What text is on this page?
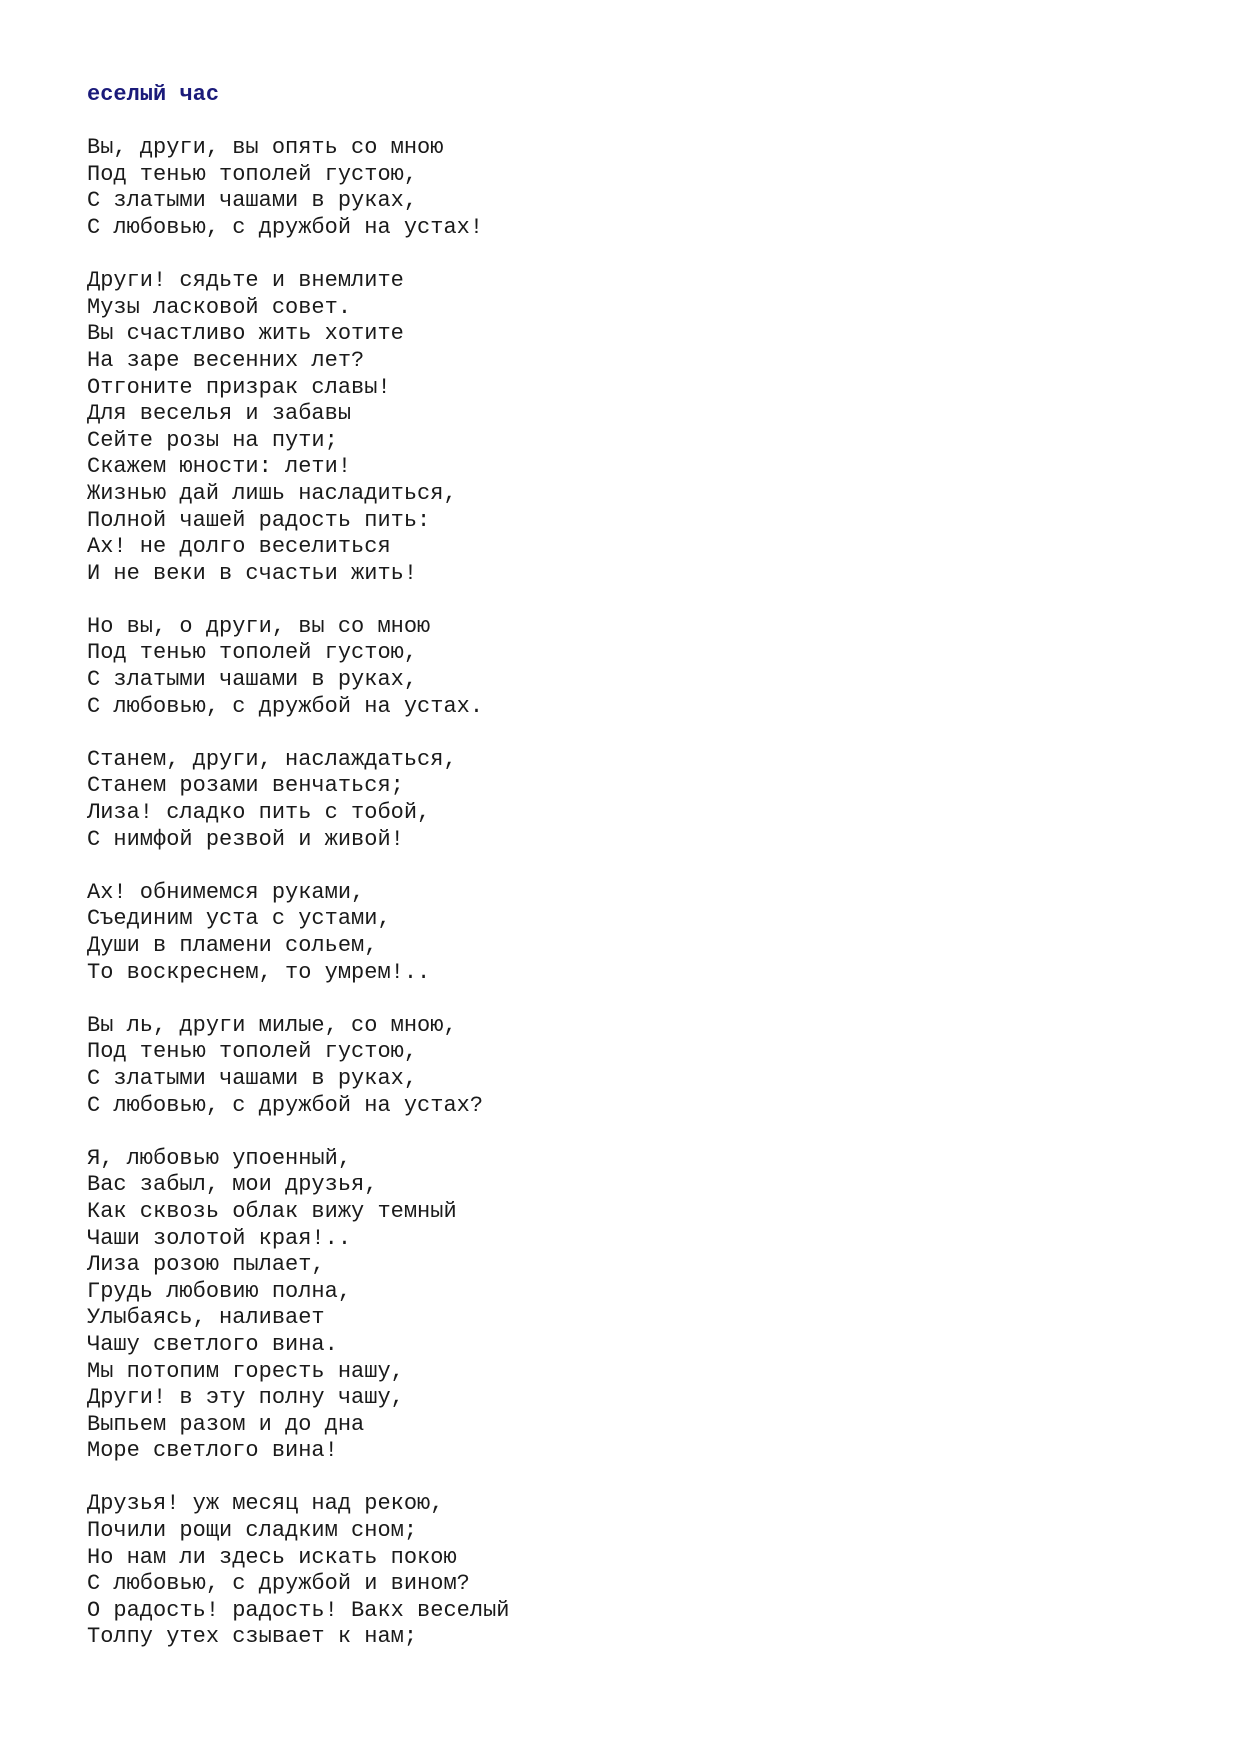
еселый час
Вы, други, вы опять со мною
Под тенью тополей густою,
С златыми чашами в руках,
С любовью, с дружбой на устах!
Други! сядьте и внемлите
Музы ласковой совет.
Вы счастливо жить хотите
На заре весенних лет?
Отгоните призрак славы!
Для веселья и забавы
Сейте розы на пути;
Скажем юности: лети!
Жизнью дай лишь насладиться,
Полной чашей радость пить:
Ах! не долго веселиться
И не веки в счастьи жить!
Но вы, о други, вы со мною
Под тенью тополей густою,
С златыми чашами в руках,
С любовью, с дружбой на устах.
Станем, други, наслаждаться,
Станем розами венчаться;
Лиза! сладко пить с тобой,
С нимфой резвой и живой!
Ах! обнимемся руками,
Съединим уста с устами,
Души в пламени сольем,
То воскреснем, то умрем!..
Вы ль, други милые, со мною,
Под тенью тополей густою,
С златыми чашами в руках,
С любовью, с дружбой на устах?
Я, любовью упоенный,
Вас забыл, мои друзья,
Как сквозь облак вижу темный
Чаши золотой края!..
Лиза розою пылает,
Грудь любовию полна,
Улыбаясь, наливает
Чашу светлого вина.
Мы потопим горесть нашу,
Други! в эту полну чашу,
Выпьем разом и до дна
Море светлого вина!
Друзья! уж месяц над рекою,
Почили рощи сладким сном;
Но нам ли здесь искать покою
С любовью, с дружбой и вином?
О радость! радость! Вакх веселый
Толпу утех сзывает к нам;
